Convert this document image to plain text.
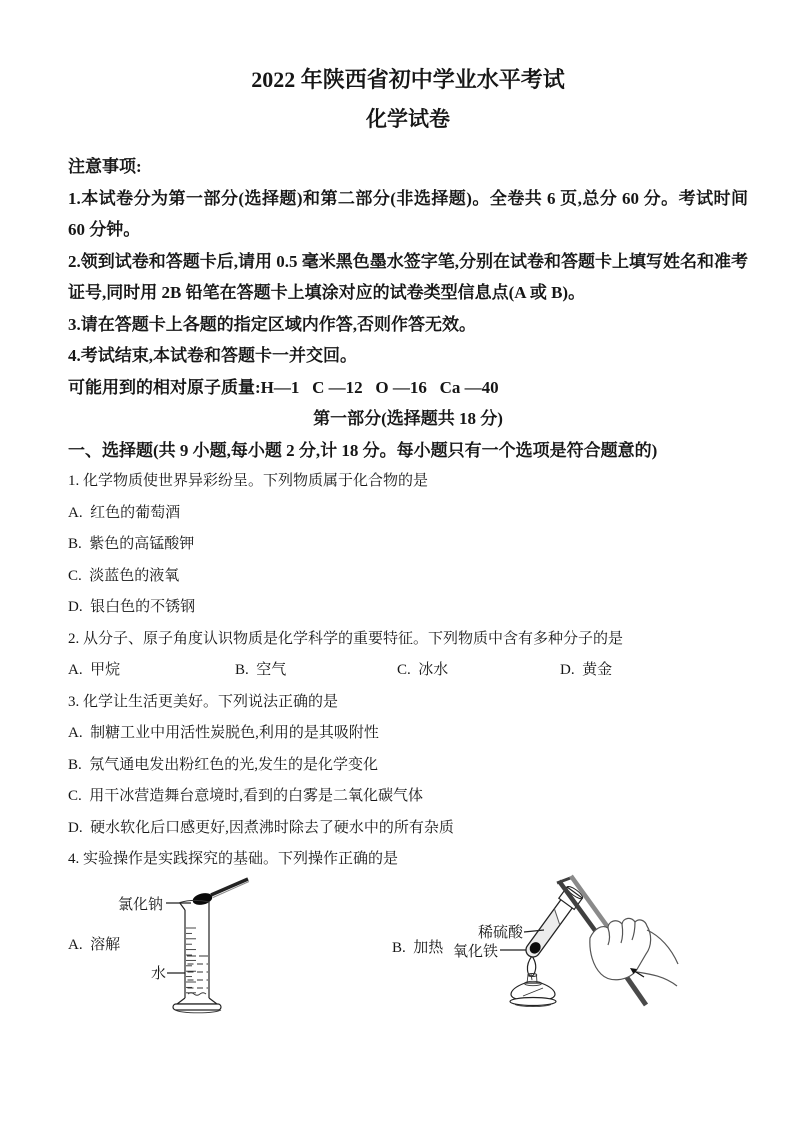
2022 年陕西省初中学业水平考试
化学试卷

注意事项:

1.本试卷分为第一部分(选择题)和第二部分(非选择题)。全卷共 6 页,总分 60 分。考试时间 60 分钟。

2.领到试卷和答题卡后,请用 0.5 毫米黑色墨水签字笔,分别在试卷和答题卡上填写姓名和准考证号,同时用 2B 铅笔在答题卡上填涂对应的试卷类型信息点(A 或 B)。

3.请在答题卡上各题的指定区域内作答,否则作答无效。

4.考试结束,本试卷和答题卡一并交回。

可能用到的相对原子质量:H—1   C —12   O —16   Ca —40

第一部分(选择题共 18 分)

一、选择题(共 9 小题,每小题 2 分,计 18 分。每小题只有一个选项是符合题意的)

1. 化学物质使世界异彩纷呈。下列物质属于化合物的是

A.  红色的葡萄酒

B.  紫色的高锰酸钾

C.  淡蓝色的液氧

D.  银白色的不锈钢

2. 从分子、原子角度认识物质是化学科学的重要特征。下列物质中含有多种分子的是

A.  甲烷	B.  空气	C.  冰水	D.  黄金

3. 化学让生活更美好。下列说法正确的是

A.  制糖工业中用活性炭脱色,利用的是其吸附性

B.  氖气通电发出粉红色的光,发生的是化学变化

C.  用干冰营造舞台意境时,看到的白雾是二氧化碳气体

D.  硬水软化后口感更好,因煮沸时除去了硬水中的所有杂质

4. 实验操作是实践探究的基础。下列操作正确的是

A.  溶解
氯化钠
水
B.  加热
稀硫酸
氧化铁
